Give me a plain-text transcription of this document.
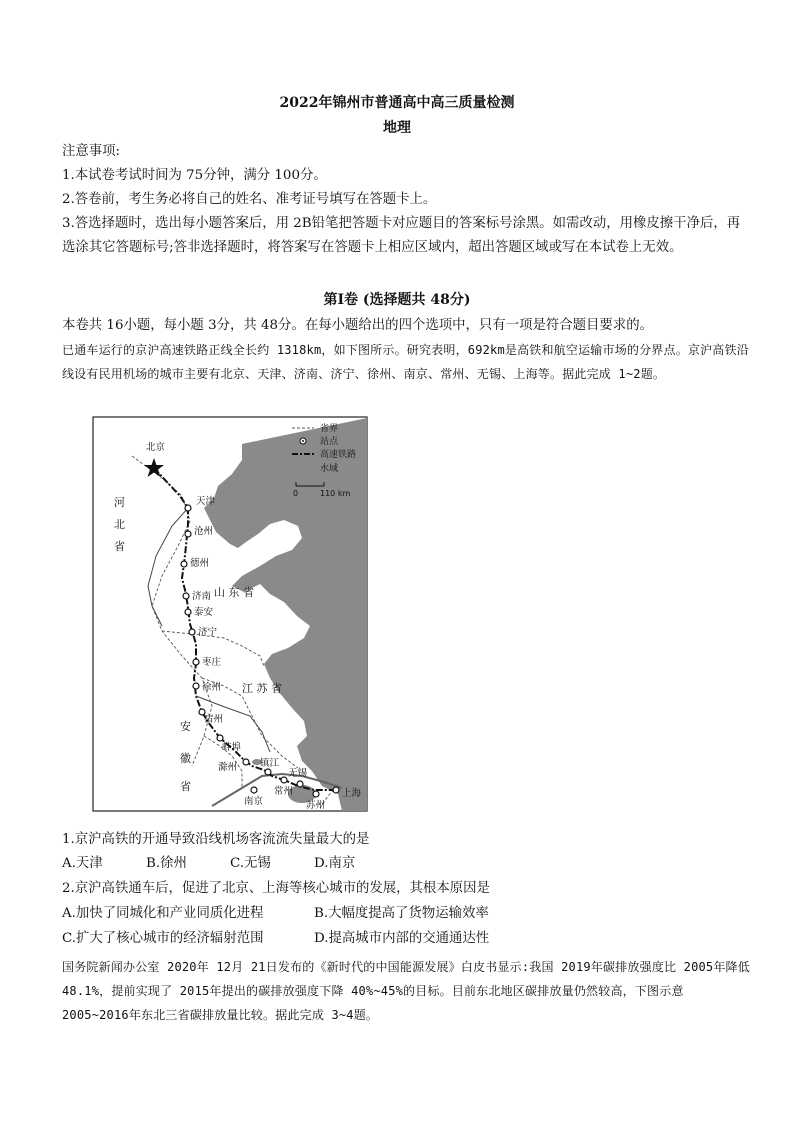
2022年锦州市普通高中高三质量检测
地理
注意事项:
1.本试卷考试时间为 75分钟，满分 100分。
2.答卷前，考生务必将自己的姓名、准考证号填写在答题卡上。
3.答选择题时，选出每小题答案后，用 2B铅笔把答题卡对应题目的答案标号涂黑。如需改动，用橡皮擦干净后，再选涂其它答题标号;答非选择题时，将答案写在答题卡上相应区域内，超出答题区域或写在本试卷上无效。
第Ⅰ卷 (选择题共 48分)
本卷共 16小题，每小题 3分，共 48分。在每小题给出的四个选项中，只有一项是符合题目要求的。
已通车运行的京沪高速铁路正线全长约 1318km，如下图所示。研究表明，692km是高铁和航空运输市场的分界点。京沪高铁沿线设有民用机场的城市主要有北京、天津、济南、济宁、徐州、南京、常州、无锡、上海等。据此完成 1~2题。
省界
站点
高速铁路
水域
0	110 km
北京
天津
沧州
德州
济南
泰安
济宁
枣庄
徐州
宿州
蚌埠
滁州
南京
镇江
常州
无锡
苏州
上海
河
北
省
山 东 省
江 苏 省
安
徽
省
1.京沪高铁的开通导致沿线机场客流流失量最大的是
A.天津	B.徐州	C.无锡	D.南京
2.京沪高铁通车后，促进了北京、上海等核心城市的发展，其根本原因是
A.加快了同城化和产业同质化进程	B.大幅度提高了货物运输效率
C.扩大了核心城市的经济辐射范围	D.提高城市内部的交通通达性
国务院新闻办公室 2020年 12月 21日发布的《新时代的中国能源发展》白皮书显示:我国 2019年碳排放强度比 2005年降低 48.1%，提前实现了 2015年提出的碳排放强度下降 40%~45%的目标。目前东北地区碳排放量仍然较高，下图示意 2005~2016年东北三省碳排放量比较。据此完成 3~4题。
